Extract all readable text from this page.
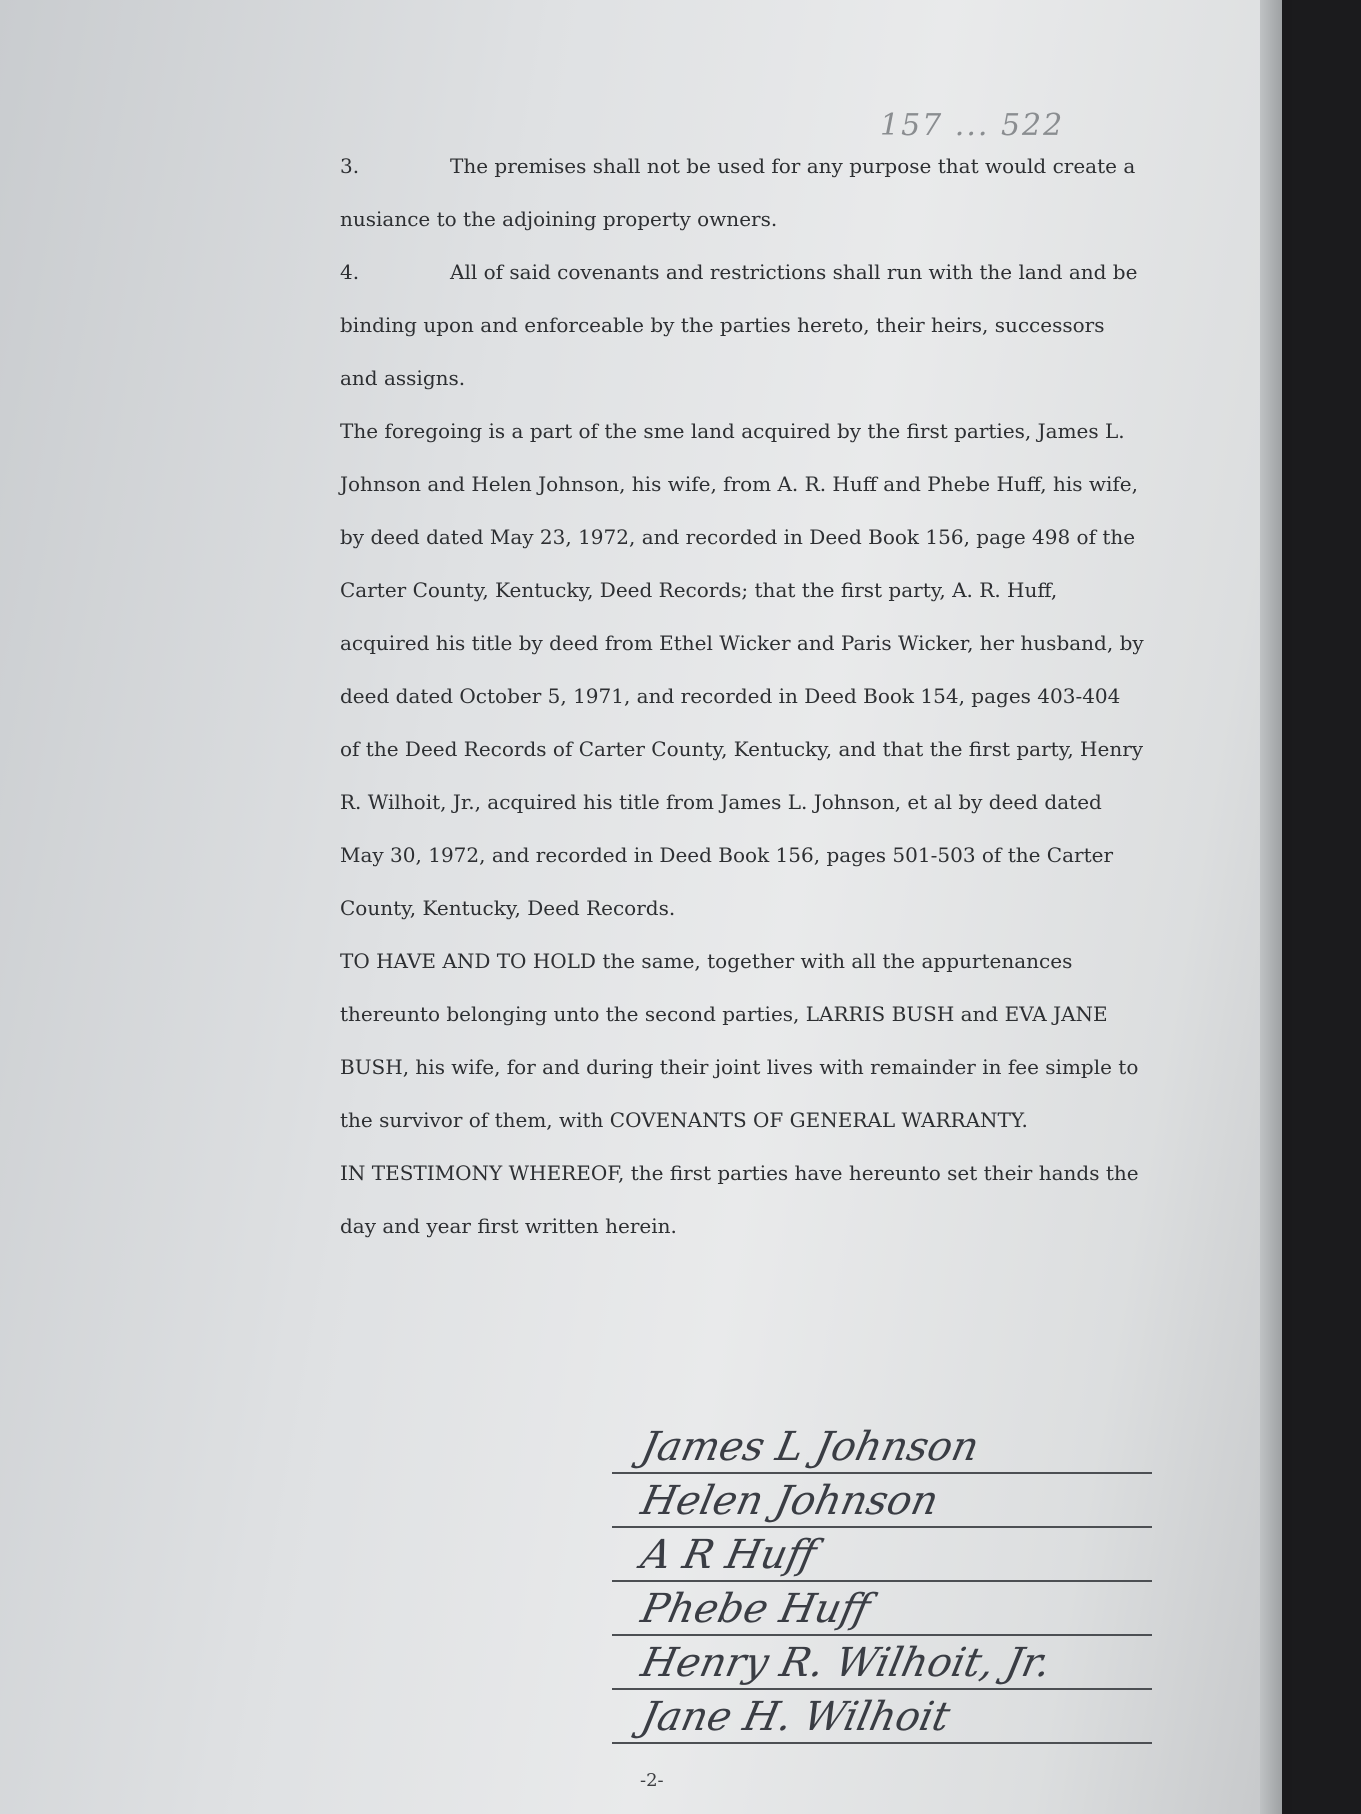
157 ... 522

3.	The premises shall not be used for any purpose that would create a nusiance to the adjoining property owners.

4.	All of said covenants and restrictions shall run with the land and be binding upon and enforceable by the parties hereto, their heirs, successors and assigns.

The foregoing is a part of the sme land acquired by the first parties, James L. Johnson and Helen Johnson, his wife, from A. R. Huff and Phebe Huff, his wife, by deed dated May 23, 1972, and recorded in Deed Book 156, page 498 of the Carter County, Kentucky, Deed Records; that the first party, A. R. Huff, acquired his title by deed from Ethel Wicker and Paris Wicker, her husband, by deed dated October 5, 1971, and recorded in Deed Book 154, pages 403-404 of the Deed Records of Carter County, Kentucky, and that the first party, Henry R. Wilhoit, Jr., acquired his title from James L. Johnson, et al by deed dated May 30, 1972, and recorded in Deed Book 156, pages 501-503 of the Carter County, Kentucky, Deed Records.

TO HAVE AND TO HOLD the same, together with all the appurtenances thereunto belonging unto the second parties, LARRIS BUSH and EVA JANE BUSH, his wife, for and during their joint lives with remainder in fee simple to the survivor of them, with COVENANTS OF GENERAL WARRANTY.

IN TESTIMONY WHEREOF, the first parties have hereunto set their hands the day and year first written herein.

James L Johnson
Helen Johnson
A R Huff
Phebe Huff
Henry R. Wilhoit, Jr.
Jane H. Wilhoit
-2-
